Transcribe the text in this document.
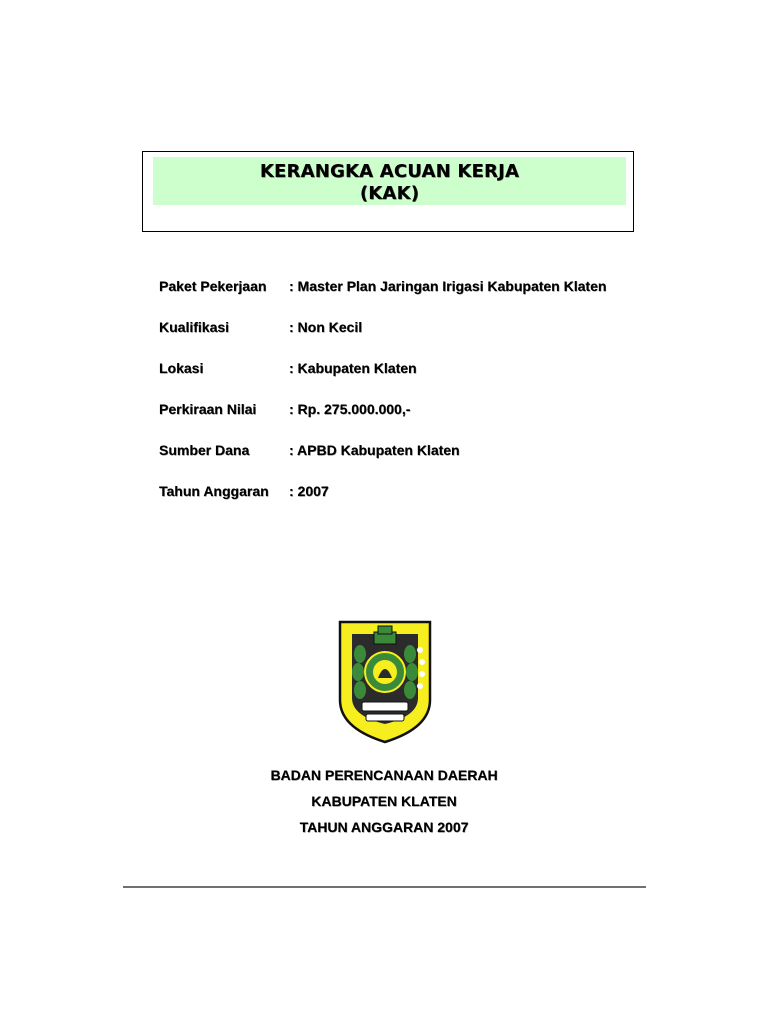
KERANGKA ACUAN KERJA
(KAK)
Paket Pekerjaan : Master Plan Jaringan Irigasi Kabupaten Klaten
Kualifikasi	: Non Kecil
Lokasi	: Kabupaten Klaten
Perkiraan Nilai : Rp. 275.000.000,-
Sumber Dana	: APBD Kabupaten Klaten
Tahun Anggaran : 2007
BADAN PERENCANAAN DAERAH
KABUPATEN KLATEN
TAHUN ANGGARAN 2007
